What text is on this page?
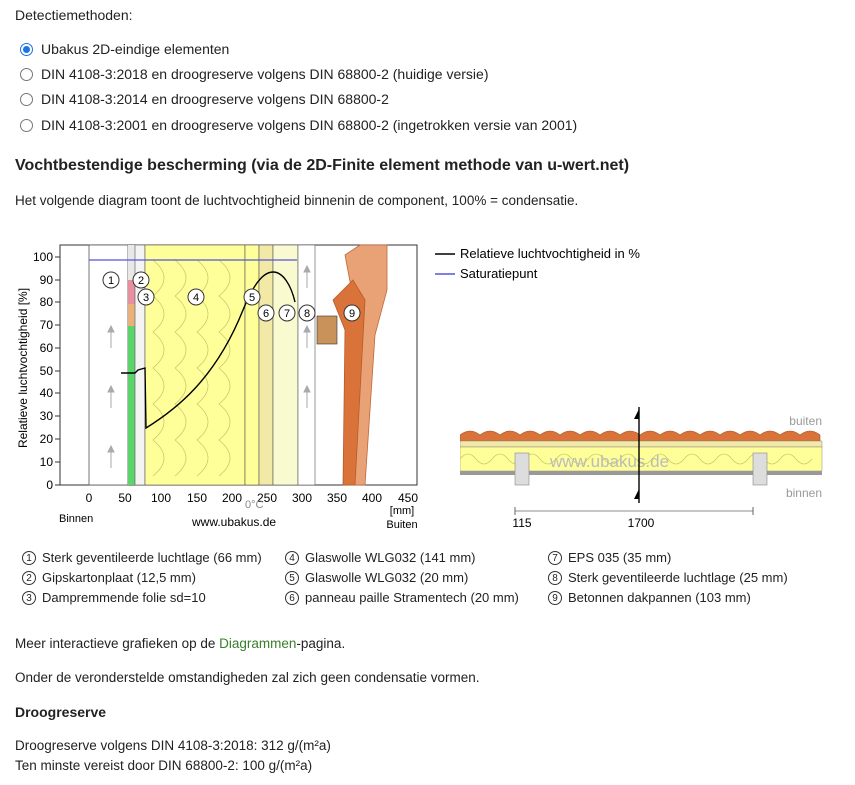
Detectiemethoden:
Ubakus 2D-eindige elementen
DIN 4108-3:2018 en droogreserve volgens DIN 68800-2 (huidige versie)
DIN 4108-3:2014 en droogreserve volgens DIN 68800-2
DIN 4108-3:2001 en droogreserve volgens DIN 68800-2 (ingetrokken versie van 2001)
Vochtbestendige bescherming (via de 2D-Finite element methode van u-wert.net)
Het volgende diagram toont de luchtvochtigheid binnenin de component, 100% = condensatie.
Relatieve luchtvochtigheid [%]
100
90
80
70
60
50
40
30
20
10
0
1 2
3	4	5
6 7 8	9
0 50 100 150 200 250 300 350 400 450
0°C	[mm]
Binnen	www.ubakus.de	Buiten
Relatieve luchtvochtigheid in %
Saturatiepunt
buiten
www.ubakus.de
binnen
115	1700
1 Sterk geventileerde luchtlage (66 mm)
2 Gipskartonplaat (12,5 mm)
3 Dampremmende folie sd=10
4 Glaswolle WLG032 (141 mm)
5 Glaswolle WLG032 (20 mm)
6 panneau paille Stramentech (20 mm)
7 EPS 035 (35 mm)
8 Sterk geventileerde luchtlage (25 mm)
9 Betonnen dakpannen (103 mm)
Meer interactieve grafieken op de Diagrammen-pagina.
Onder de veronderstelde omstandigheden zal zich geen condensatie vormen.
Droogreserve
Droogreserve volgens DIN 4108-3:2018: 312 g/(m²a)
Ten minste vereist door DIN 68800-2: 100 g/(m²a)
